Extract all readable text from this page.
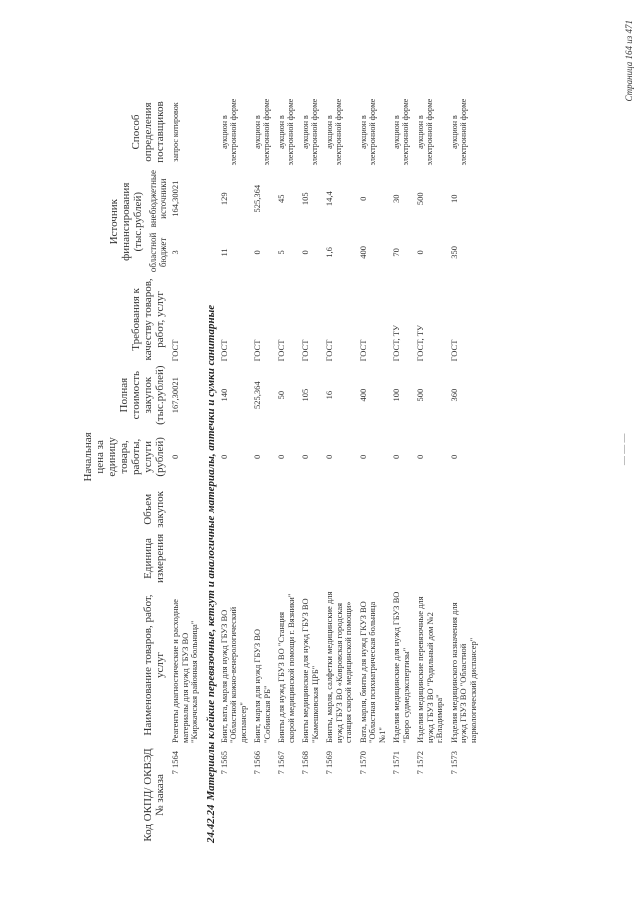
Код ОКПД/ ОКВЭД № заказа	Наименование товаров, работ, услуг	Единица измерения	Объем закупок	Начальная цена за единицу товара, работы, услуги (рублей)	Полная стоимость закупок (тыс.рублей)	Требования к качеству товаров, работ, услуг	Источник финансирования (тыс.рублей)		Способ определения поставщиков
							областной бюджет	внебюджетные источники	
7 1564	Реагенты диагностические и расходные материалы для нужд ГБУЗ ВО "Киржачская районная больница"			0	167,30021	ГОСТ	3	164,30021	запрос котировок
24.42.24Материалы клейкие перевязочные, кетгут и аналогичные материалы, аптечки и сумки санитарные									
7 1565	Бинт, вата, марля для нужд ГБУЗ ВО "Областной кожно-венерологический диспансер"			0	140	ГОСТ	11	129	аукцион в электронной форме
7 1566	Бинт, марля для нужд ГБУЗ ВО "Собинская РБ"			0	525,364	ГОСТ	0	525,364	аукцион в электронной форме
7 1567	Бинты для нужд ГБУЗ ВО "Станция скорой медицинской помощи г. Вязники"			0	50	ГОСТ	5	45	аукцион в электронной форме
7 1568	Бинты медицинские для нужд ГБУЗ ВО "Камешковская ЦРБ"			0	105	ГОСТ	0	105	аукцион в электронной форме
7 1569	Бинты, марля, салфетки медицинские для нужд ГБУЗ ВО «Ковровская городская станция скорой медицинской помощи»			0	16	ГОСТ	1,6	14,4	аукцион в электронной форме
7 1570	Вата, марля, бинты для нужд ГКУЗ ВО "Областная психиатрическая больница №1"			0	400	ГОСТ	400	0	аукцион в электронной форме
7 1571	Изделия медицинские для нужд ГБУЗ ВО "Бюро судмедэкспертизы"			0	100	ГОСТ, ТУ	70	30	аукцион в электронной форме
7 1572	Изделия медицинские перевязочные для нужд ГБУЗ ВО "Родильный дом №2 г.Владимира"			0	500	ГОСТ, ТУ	0	500	аукцион в электронной форме
7 1573	Изделия медицинского назначения для нужд ГБУЗ ВО "Областной наркологический диспансер"			0	360	ГОСТ	350	10	аукцион в электронной форме
— — —
Страница 164 из 471
